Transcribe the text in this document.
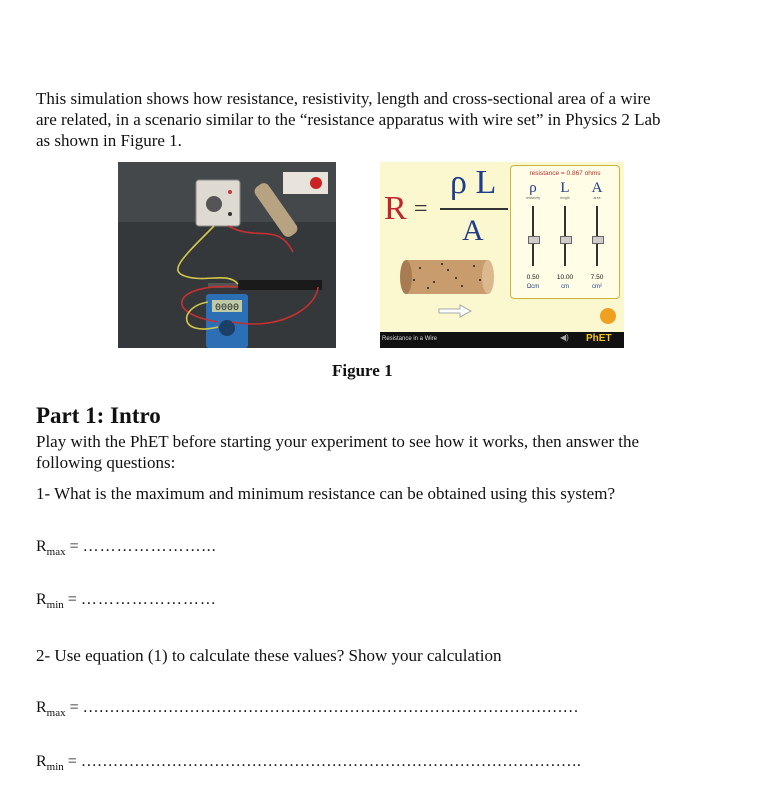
This simulation shows how resistance, resistivity, length and cross-sectional area of a wire
are related, in a scenario similar to the “resistance apparatus with wire set” in Physics 2 Lab
as shown in Figure 1.
0000
R =
ρ L
A
resistance = 0.867 ohms
ρ	L	A
resistivity	length	area
0.50	10.00	7.50
Ωcm	cm	cm²
Resistance in a Wire	◀) PhET
Figure 1
Part 1: Intro
Play with the PhET before starting your experiment to see how it works, then answer the
following questions:
1- What is the maximum and minimum resistance can be obtained using this system?
$R_{max}$ = …………………...
$R_{min}$ = ……………………
2- Use equation (1) to calculate these values? Show your calculation
$R_{max}$ = …………………………………………………………………………………
$R_{min}$ = ………………………………………………………………………………….
